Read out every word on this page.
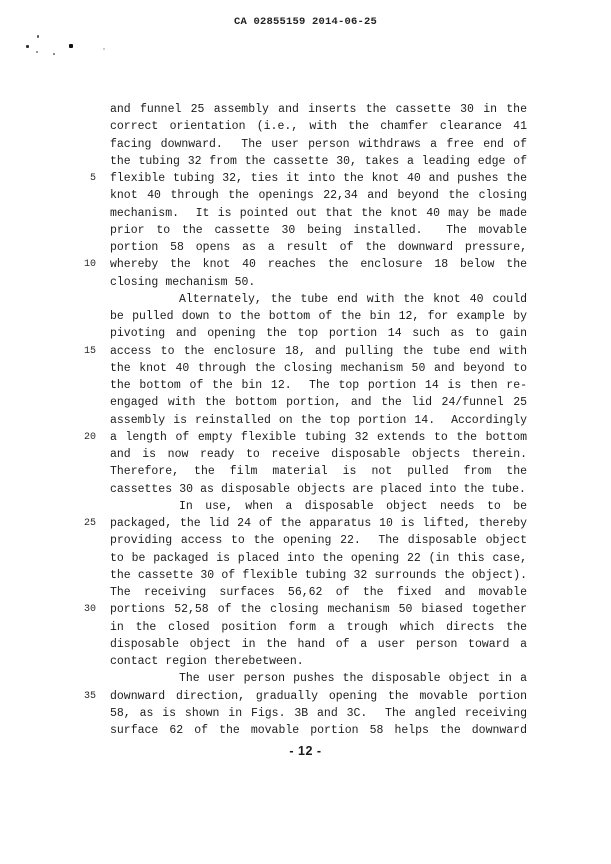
CA 02855159 2014-06-25
and funnel 25 assembly and inserts the cassette 30 in the
correct orientation (i.e., with the chamfer clearance 41
facing downward.  The user person withdraws a free end of
the tubing 32 from the cassette 30, takes a leading edge of
5 flexible tubing 32, ties it into the knot 40 and pushes the
knot 40 through the openings 22,34 and beyond the closing
mechanism.  It is pointed out that the knot 40 may be made
prior to the cassette 30 being installed.  The movable
portion 58 opens as a result of the downward pressure,
10 whereby the knot 40 reaches the enclosure 18 below the
closing mechanism 50.
Alternately, the tube end with the knot 40 could
be pulled down to the bottom of the bin 12, for example by
pivoting and opening the top portion 14 such as to gain
15 access to the enclosure 18, and pulling the tube end with
the knot 40 through the closing mechanism 50 and beyond to
the bottom of the bin 12.  The top portion 14 is then re-
engaged with the bottom portion, and the lid 24/funnel 25
assembly is reinstalled on the top portion 14.  Accordingly
20 a length of empty flexible tubing 32 extends to the bottom
and is now ready to receive disposable objects therein.
Therefore, the film material is not pulled from the
cassettes 30 as disposable objects are placed into the tube.
In use, when a disposable object needs to be
25 packaged, the lid 24 of the apparatus 10 is lifted, thereby
providing access to the opening 22.  The disposable object
to be packaged is placed into the opening 22 (in this case,
the cassette 30 of flexible tubing 32 surrounds the object).
The receiving surfaces 56,62 of the fixed and movable
30 portions 52,58 of the closing mechanism 50 biased together
in the closed position form a trough which directs the
disposable object in the hand of a user person toward a
contact region therebetween.
The user person pushes the disposable object in a
35 downward direction, gradually opening the movable portion
58, as is shown in Figs. 3B and 3C.  The angled receiving
surface 62 of the movable portion 58 helps the downward
- 12 -
